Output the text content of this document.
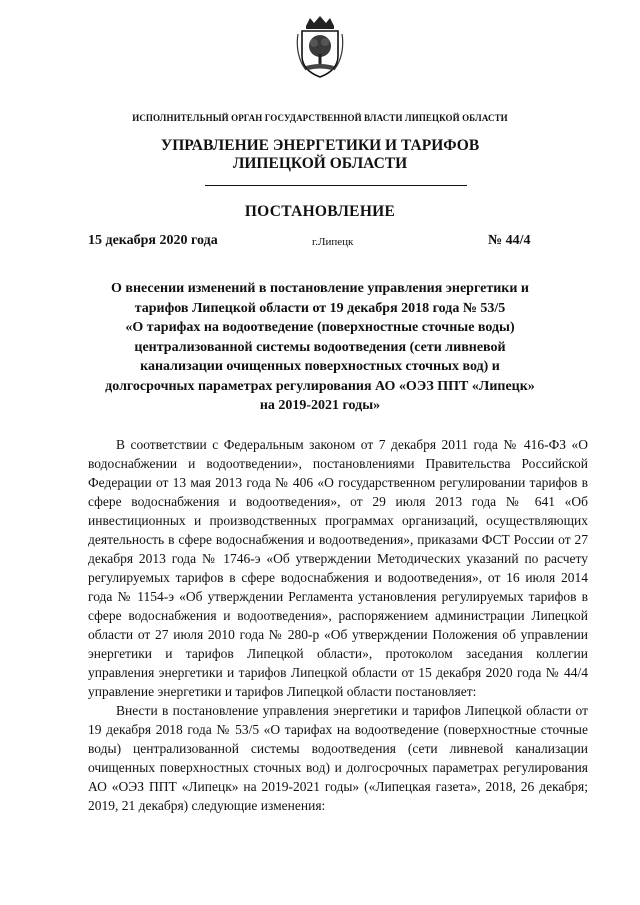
ИСПОЛНИТЕЛЬНЫЙ ОРГАН ГОСУДАРСТВЕННОЙ ВЛАСТИ ЛИПЕЦКОЙ ОБЛАСТИ
УПРАВЛЕНИЕ ЭНЕРГЕТИКИ И ТАРИФОВ
ЛИПЕЦКОЙ ОБЛАСТИ
ПОСТАНОВЛЕНИЕ
15 декабря 2020 года	г.Липецк	№ 44/4
О внесении изменений в постановление управления энергетики и
тарифов Липецкой области от 19 декабря 2018 года № 53/5
«О тарифах на водоотведение (поверхностные сточные воды)
централизованной системы водоотведения (сети ливневой
канализации очищенных поверхностных сточных вод) и
долгосрочных параметрах регулирования АО «ОЭЗ ППТ «Липецк»
на 2019-2021 годы»

В соответствии с Федеральным законом от 7 декабря 2011 года № 416-ФЗ «О водоснабжении и водоотведении», постановлениями Правительства Российской Федерации от 13 мая 2013 года № 406 «О государственном регулировании тарифов в сфере водоснабжения и водоотведения», от 29 июля 2013 года № 641 «Об инвестиционных и производственных программах организаций, осуществляющих деятельность в сфере водоснабжения и водоотведения», приказами ФСТ России от 27 декабря 2013 года № 1746-э «Об утверждении Методических указаний по расчету регулируемых тарифов в сфере водоснабжения и водоотведения», от 16 июля 2014 года № 1154-э «Об утверждении Регламента установления регулируемых тарифов в сфере водоснабжения и водоотведения», распоряжением администрации Липецкой области от 27 июля 2010 года № 280-р «Об утверждении Положения об управлении энергетики и тарифов Липецкой области», протоколом заседания коллегии управления энергетики и тарифов Липецкой области от 15 декабря 2020 года № 44/4 управление энергетики и тарифов Липецкой области постановляет:

Внести в постановление управления энергетики и тарифов Липецкой области от 19 декабря 2018 года № 53/5 «О тарифах на водоотведение (поверхностные сточные воды) централизованной системы водоотведения (сети ливневой канализации очищенных поверхностных сточных вод) и долгосрочных параметрах регулирования АО «ОЭЗ ППТ «Липецк» на 2019-2021 годы» («Липецкая газета», 2018, 26 декабря; 2019, 21 декабря) следующие изменения:
